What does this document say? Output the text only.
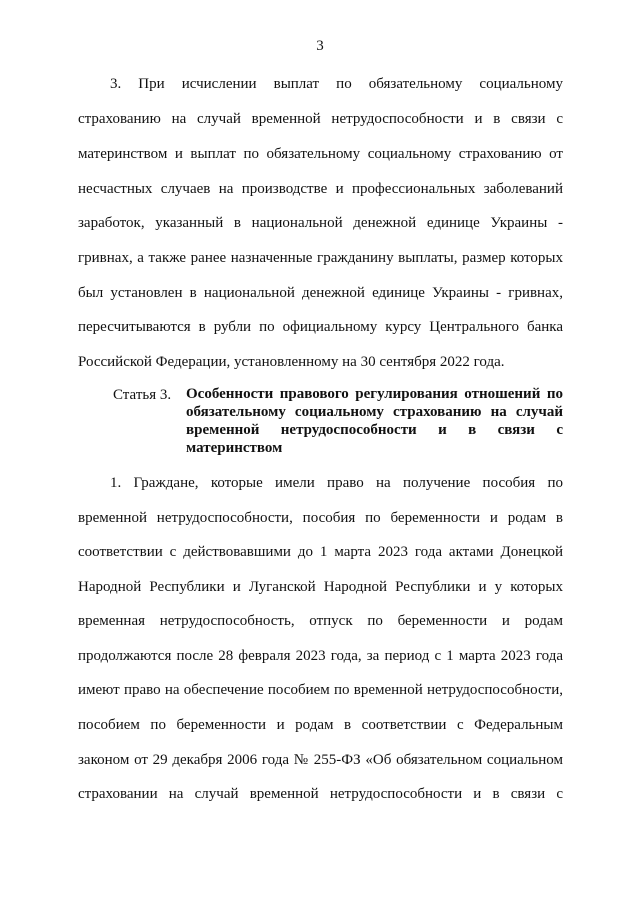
3
3. При исчислении выплат по обязательному социальному
страхованию на случай временной нетрудоспособности и в связи с
материнством и выплат по обязательному социальному страхованию от
несчастных случаев на производстве и профессиональных заболеваний
заработок, указанный в национальной денежной единице Украины -
гривнах, а также ранее назначенные гражданину выплаты, размер которых
был установлен в национальной денежной единице Украины - гривнах,
пересчитываются в рубли по официальному курсу Центрального банка
Российской Федерации, установленному на 30 сентября 2022 года.
Статья 3. Особенности правового регулирования отношений по
обязательному социальному страхованию на случай
временной нетрудоспособности и в связи с
материнством
1. Граждане, которые имели право на получение пособия по
временной нетрудоспособности, пособия по беременности и родам в
соответствии с действовавшими до 1 марта 2023 года актами Донецкой
Народной Республики и Луганской Народной Республики и у которых
временная нетрудоспособность, отпуск по беременности и родам
продолжаются после 28 февраля 2023 года, за период с 1 марта 2023 года
имеют право на обеспечение пособием по временной нетрудоспособности,
пособием по беременности и родам в соответствии с Федеральным
законом от 29 декабря 2006 года № 255-ФЗ «Об обязательном социальном
страховании на случай временной нетрудоспособности и в связи с
